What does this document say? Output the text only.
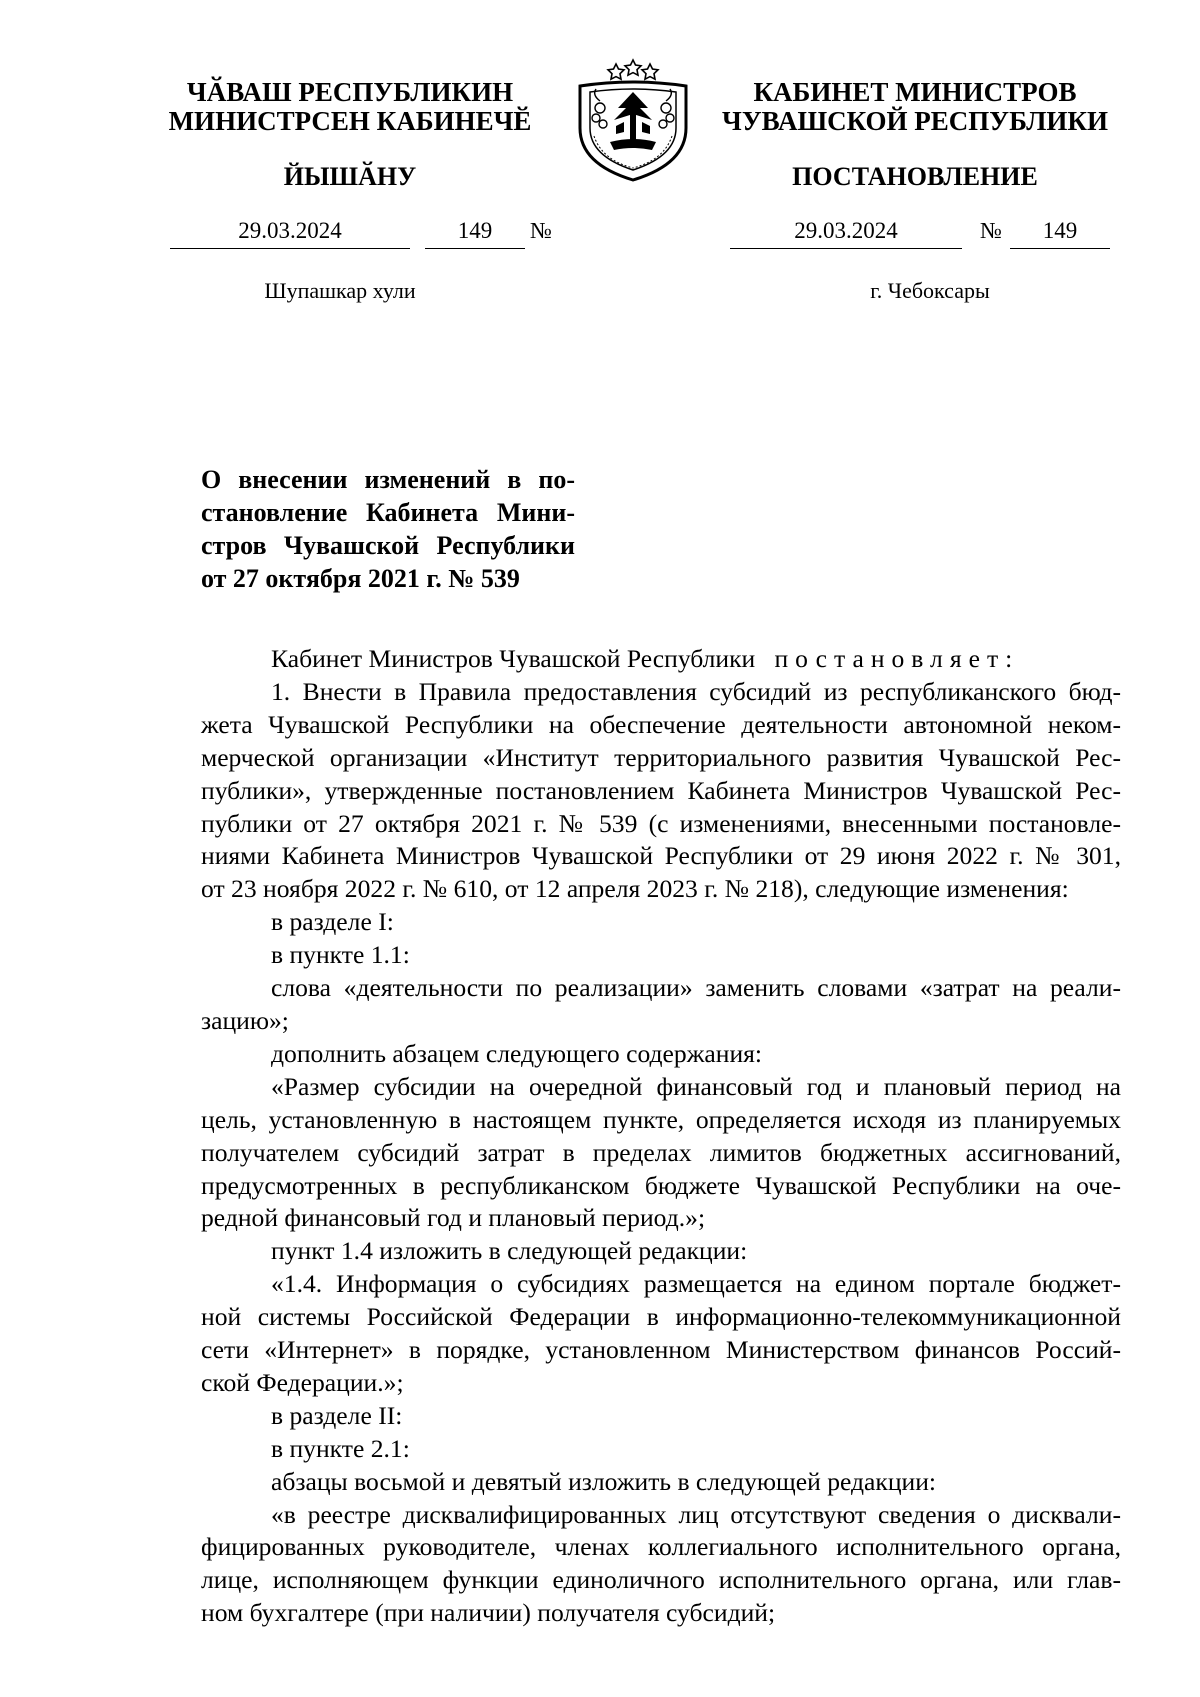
ЧӐВАШ РЕСПУБЛИКИН
МИНИСТРСЕН КАБИНЕЧӖ
ЙЫШӐНУ
29.03.2024	149	№
Шупашкар хули
КАБИНЕТ МИНИСТРОВ
ЧУВАШСКОЙ РЕСПУБЛИКИ
ПОСТАНОВЛЕНИЕ
29.03.2024	№	149
г. Чебоксары
О внесении изменений в по-
становление Кабинета Мини-
стров Чувашской Республики
от 27 октября 2021 г. № 539
Кабинет Министров Чувашской Республики постановляет:
1. Внести в Правила предоставления субсидий из республиканского бюд-
жета Чувашской Республики на обеспечение деятельности автономной неком-
мерческой организации «Институт территориального развития Чувашской Рес-
публики», утвержденные постановлением Кабинета Министров Чувашской Рес-
публики от 27 октября 2021 г. № 539 (с изменениями, внесенными постановле-
ниями Кабинета Министров Чувашской Республики от 29 июня 2022 г. № 301,
от 23 ноября 2022 г. № 610, от 12 апреля 2023 г. № 218), следующие изменения:
в разделе I:
в пункте 1.1:
слова «деятельности по реализации» заменить словами «затрат на реали-
зацию»;
дополнить абзацем следующего содержания:
«Размер субсидии на очередной финансовый год и плановый период на
цель, установленную в настоящем пункте, определяется исходя из планируемых
получателем субсидий затрат в пределах лимитов бюджетных ассигнований,
предусмотренных в республиканском бюджете Чувашской Республики на оче-
редной финансовый год и плановый период.»;
пункт 1.4 изложить в следующей редакции:
«1.4. Информация о субсидиях размещается на едином портале бюджет-
ной системы Российской Федерации в информационно-телекоммуникационной
сети «Интернет» в порядке, установленном Министерством финансов Россий-
ской Федерации.»;
в разделе II:
в пункте 2.1:
абзацы восьмой и девятый изложить в следующей редакции:
«в реестре дисквалифицированных лиц отсутствуют сведения о дисквали-
фицированных руководителе, членах коллегиального исполнительного органа,
лице, исполняющем функции единоличного исполнительного органа, или глав-
ном бухгалтере (при наличии) получателя субсидий;
